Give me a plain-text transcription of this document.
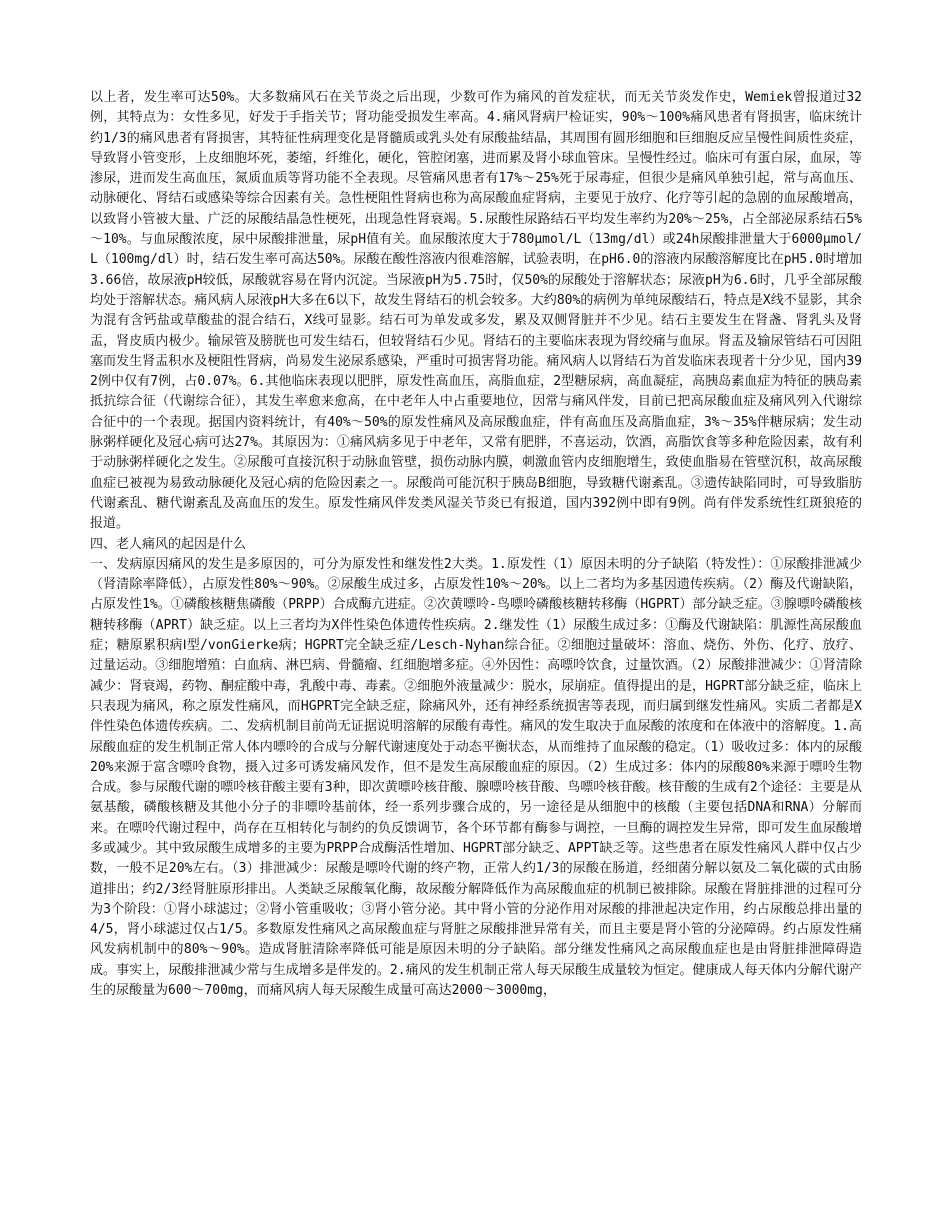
以上者，发生率可达50%。大多数痛风石在关节炎之后出现，少数可作为痛风的首发症状，而无关节炎发作史，Wemiek曾报道过32例，其特点为：女性多见，好发于手指关节；肾功能受损发生率高。4.痛风肾病尸检证实，90%～100%痛风患者有肾损害，临床统计约1/3的痛风患者有肾损害，其特征性病理变化是肾髓质或乳头处有尿酸盐结晶，其周围有圆形细胞和巨细胞反应呈慢性间质性炎症，导致肾小管变形，上皮细胞坏死，萎缩，纤维化，硬化，管腔闭塞，进而累及肾小球血管床。呈慢性经过。临床可有蛋白尿，血尿，等渗尿，进而发生高血压，氮质血质等肾功能不全表现。尽管痛风患者有17%～25%死于尿毒症，但很少是痛风单独引起，常与高血压、动脉硬化、肾结石或感染等综合因素有关。急性梗阻性肾病也称为高尿酸血症肾病，主要见于放疗、化疗等引起的急剧的血尿酸增高，以致肾小管被大量、广泛的尿酸结晶急性梗死，出现急性肾衰竭。5.尿酸性尿路结石平均发生率约为20%～25%，占全部泌尿系结石5%～10%。与血尿酸浓度，尿中尿酸排泄量，尿pH值有关。血尿酸浓度大于780μmol/L（13mg/dl）或24h尿酸排泄量大于6000μmol/L（100mg/dl）时，结石发生率可高达50%。尿酸在酸性溶液内很难溶解，试验表明，在pH6.0的溶液内尿酸溶解度比在pH5.0时增加3.66倍，故尿液pH较低，尿酸就容易在肾内沉淀。当尿液pH为5.75时，仅50%的尿酸处于溶解状态；尿液pH为6.6时，几乎全部尿酸均处于溶解状态。痛风病人尿液pH大多在6以下，故发生肾结石的机会较多。大约80%的病例为单纯尿酸结石，特点是X线不显影，其余为混有含钙盐或草酸盐的混合结石，X线可显影。结石可为单发或多发，累及双侧肾脏并不少见。结石主要发生在肾盏、肾乳头及肾盂，肾皮质内极少。输尿管及膀胱也可发生结石，但较肾结石少见。肾结石的主要临床表现为肾绞痛与血尿。肾盂及输尿管结石可因阻塞而发生肾盂积水及梗阻性肾病，尚易发生泌尿系感染，严重时可损害肾功能。痛风病人以肾结石为首发临床表现者十分少见，国内392例中仅有7例，占0.07%。6.其他临床表现以肥胖，原发性高血压，高脂血症，2型糖尿病，高血凝症，高胰岛素血症为特征的胰岛素抵抗综合征（代谢综合征），其发生率愈来愈高，在中老年人中占重要地位，因常与痛风伴发，目前已把高尿酸血症及痛风列入代谢综合征中的一个表现。据国内资料统计，有40%～50%的原发性痛风及高尿酸血症，伴有高血压及高脂血症，3%～35%伴糖尿病；发生动脉粥样硬化及冠心病可达27%。其原因为：①痛风病多见于中老年，又常有肥胖，不喜运动，饮酒，高脂饮食等多种危险因素，故有利于动脉粥样硬化之发生。②尿酸可直接沉积于动脉血管壁，损伤动脉内膜，刺激血管内皮细胞增生，致使血脂易在管壁沉积，故高尿酸血症已被视为易致动脉硬化及冠心病的危险因素之一。尿酸尚可能沉积于胰岛B细胞，导致糖代谢紊乱。③遗传缺陷同时，可导致脂肪代谢紊乱、糖代谢紊乱及高血压的发生。原发性痛风伴发类风湿关节炎已有报道，国内392例中即有9例。尚有伴发系统性红斑狼疮的报道。

四、老人痛风的起因是什么

一、发病原因痛风的发生是多原因的，可分为原发性和继发性2大类。1.原发性（1）原因未明的分子缺陷（特发性）：①尿酸排泄减少（肾清除率降低），占原发性80%～90%。②尿酸生成过多，占原发性10%～20%。以上二者均为多基因遗传疾病。（2）酶及代谢缺陷，占原发性1%。①磷酸核糖焦磷酸（PRPP）合成酶亢进症。②次黄嘌呤-鸟嘌呤磷酸核糖转移酶（HGPRT）部分缺乏症。③腺嘌呤磷酸核糖转移酶（APRT）缺乏症。以上三者均为X伴性染色体遗传性疾病。2.继发性（1）尿酸生成过多：①酶及代谢缺陷：肌源性高尿酸血症；糖原累积病Ⅰ型/vonGierke病；HGPRT完全缺乏症/Lesch-Nyhan综合征。②细胞过量破坏：溶血、烧伤、外伤、化疗、放疗、过量运动。③细胞增殖：白血病、淋巴病、骨髓瘤、红细胞增多症。④外因性：高嘌呤饮食，过量饮酒。（2）尿酸排泄减少：①肾清除减少：肾衰竭，药物、酮症酸中毒，乳酸中毒、毒素。②细胞外液量减少：脱水，尿崩症。值得提出的是，HGPRT部分缺乏症，临床上只表现为痛风，称之原发性痛风，而HGPRT完全缺乏症，除痛风外，还有神经系统损害等表现，而归属到继发性痛风。实质二者都是X伴性染色体遗传疾病。二、发病机制目前尚无证据说明溶解的尿酸有毒性。痛风的发生取决于血尿酸的浓度和在体液中的溶解度。1.高尿酸血症的发生机制正常人体内嘌呤的合成与分解代谢速度处于动态平衡状态，从而维持了血尿酸的稳定。（1）吸收过多：体内的尿酸20%来源于富含嘌呤食物，摄入过多可诱发痛风发作，但不是发生高尿酸血症的原因。（2）生成过多：体内的尿酸80%来源于嘌呤生物合成。参与尿酸代谢的嘌呤核苷酸主要有3种，即次黄嘌呤核苷酸、腺嘌呤核苷酸、鸟嘌呤核苷酸。核苷酸的生成有2个途径：主要是从氨基酸，磷酸核糖及其他小分子的非嘌呤基前体，经一系列步骤合成的，另一途径是从细胞中的核酸（主要包括DNA和RNA）分解而来。在嘌呤代谢过程中，尚存在互相转化与制约的负反馈调节，各个环节都有酶参与调控，一旦酶的调控发生异常，即可发生血尿酸增多或减少。其中致尿酸生成增多的主要为PRPP合成酶活性增加、HGPRT部分缺乏、APPT缺乏等。这些患者在原发性痛风人群中仅占少数，一般不足20%左右。（3）排泄减少：尿酸是嘌呤代谢的终产物，正常人约1/3的尿酸在肠道，经细菌分解以氨及二氧化碳的式由肠道排出；约2/3经肾脏原形排出。人类缺乏尿酸氧化酶，故尿酸分解降低作为高尿酸血症的机制已被排除。尿酸在肾脏排泄的过程可分为3个阶段：①肾小球滤过；②肾小管重吸收；③肾小管分泌。其中肾小管的分泌作用对尿酸的排泄起决定作用，约占尿酸总排出量的4/5，肾小球滤过仅占1/5。多数原发性痛风之高尿酸血症与肾脏之尿酸排泄异常有关，而且主要是肾小管的分泌障碍。约占原发性痛风发病机制中的80%～90%。造成肾脏清除率降低可能是原因未明的分子缺陷。部分继发性痛风之高尿酸血症也是由肾脏排泄障碍造成。事实上，尿酸排泄减少常与生成增多是伴发的。2.痛风的发生机制正常人每天尿酸生成量较为恒定。健康成人每天体内分解代谢产生的尿酸量为600～700mg，而痛风病人每天尿酸生成量可高达2000～3000mg，
